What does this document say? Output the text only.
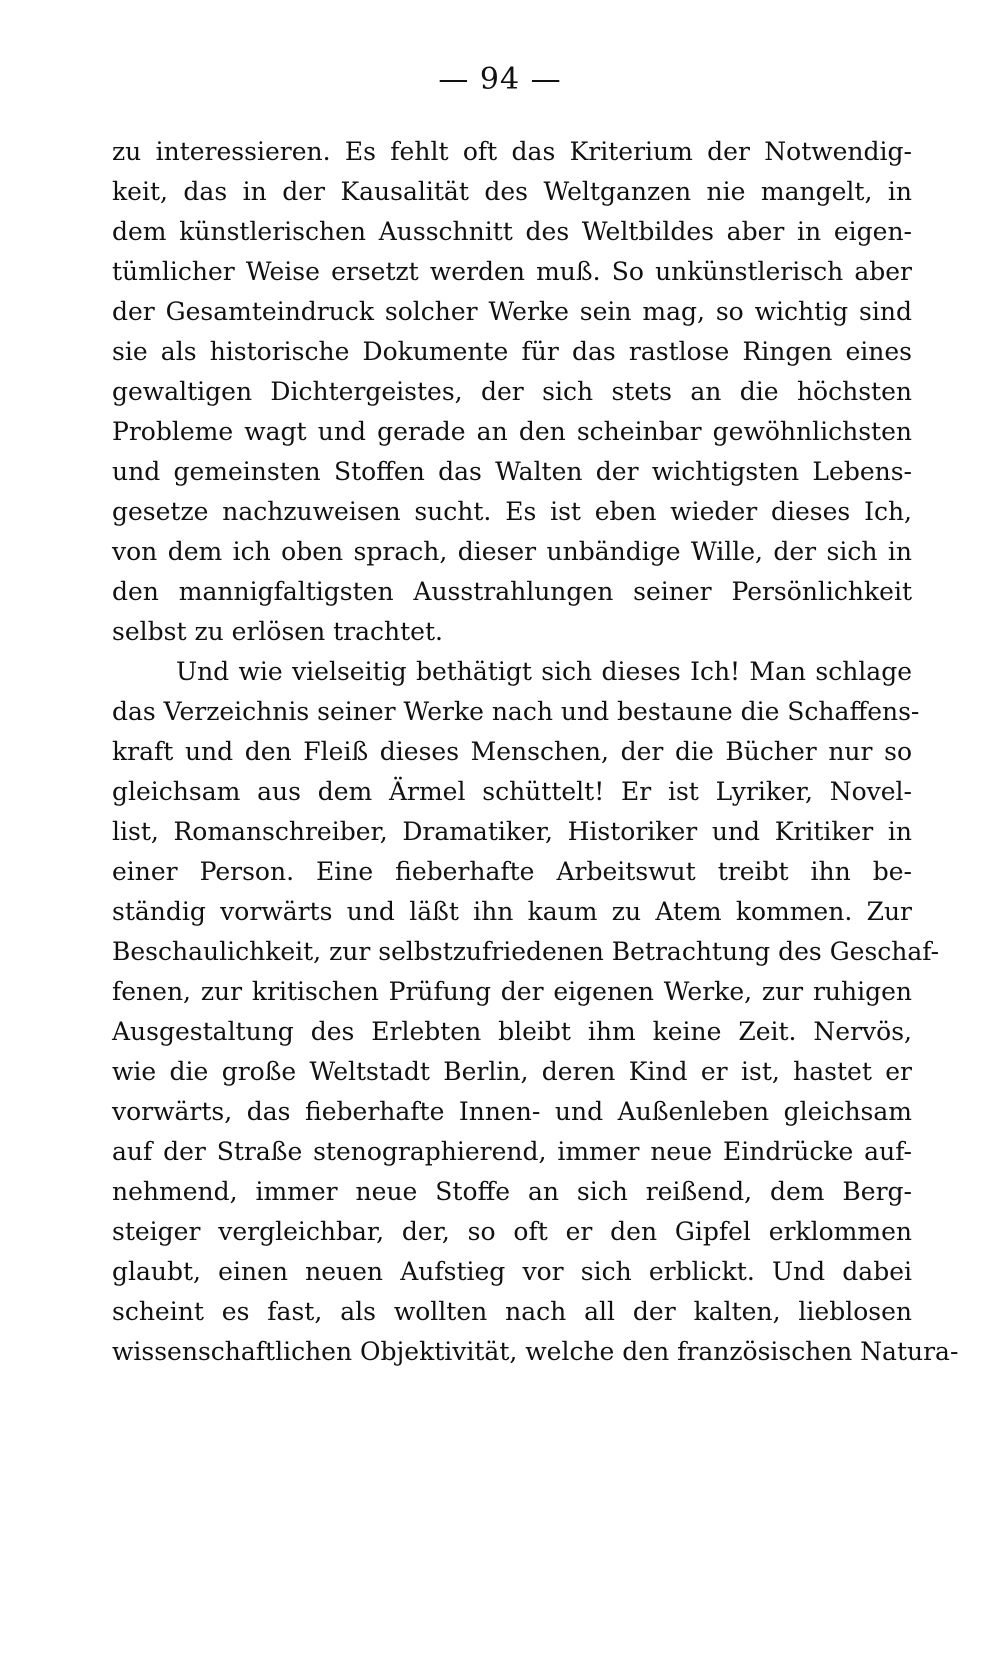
— 94 —
zu interessieren. Es fehlt oft das Kriterium der Notwendig-
keit, das in der Kausalität des Weltganzen nie mangelt, in
dem künstlerischen Ausschnitt des Weltbildes aber in eigen-
tümlicher Weise ersetzt werden muß. So unkünstlerisch aber
der Gesamteindruck solcher Werke sein mag, so wichtig sind
sie als historische Dokumente für das rastlose Ringen eines
gewaltigen Dichtergeistes, der sich stets an die höchsten
Probleme wagt und gerade an den scheinbar gewöhnlichsten
und gemeinsten Stoffen das Walten der wichtigsten Lebens-
gesetze nachzuweisen sucht. Es ist eben wieder dieses Ich,
von dem ich oben sprach, dieser unbändige Wille, der sich in
den mannigfaltigsten Ausstrahlungen seiner Persönlichkeit
selbst zu erlösen trachtet.
Und wie vielseitig bethätigt sich dieses Ich! Man schlage
das Verzeichnis seiner Werke nach und bestaune die Schaffens-
kraft und den Fleiß dieses Menschen, der die Bücher nur so
gleichsam aus dem Ärmel schüttelt! Er ist Lyriker, Novel-
list, Romanschreiber, Dramatiker, Historiker und Kritiker in
einer Person. Eine fieberhafte Arbeitswut treibt ihn be-
ständig vorwärts und läßt ihn kaum zu Atem kommen. Zur
Beschaulichkeit, zur selbstzufriedenen Betrachtung des Geschaf-
fenen, zur kritischen Prüfung der eigenen Werke, zur ruhigen
Ausgestaltung des Erlebten bleibt ihm keine Zeit. Nervös,
wie die große Weltstadt Berlin, deren Kind er ist, hastet er
vorwärts, das fieberhafte Innen- und Außenleben gleichsam
auf der Straße stenographierend, immer neue Eindrücke auf-
nehmend, immer neue Stoffe an sich reißend, dem Berg-
steiger vergleichbar, der, so oft er den Gipfel erklommen
glaubt, einen neuen Aufstieg vor sich erblickt. Und dabei
scheint es fast, als wollten nach all der kalten, lieblosen
wissenschaftlichen Objektivität, welche den französischen Natura-
